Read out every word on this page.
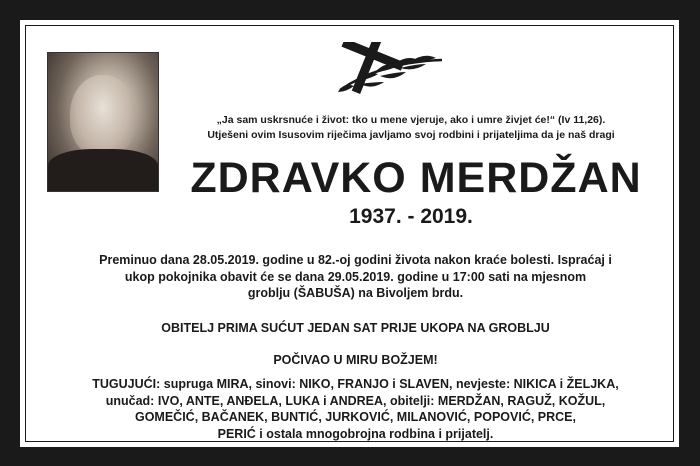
„Ja sam uskrsnuće i život: tko u mene vjeruje, ako i umre živjet će!“ (Iv 11,26).
Utješeni ovim Isusovim riječima javljamo svoj rodbini i prijateljima da je naš dragi
ZDRAVKO MERDŽAN
1937. - 2019.
Preminuo dana 28.05.2019. godine u 82.-oj godini života nakon kraće bolesti. Ispraćaj i
ukop pokojnika obavit će se dana 29.05.2019. godine u 17:00 sati na mjesnom
groblju (ŠABUŠA) na Bivoljem brdu.
OBITELJ PRIMA SUĆUT JEDAN SAT PRIJE UKOPA NA GROBLJU
POČIVAO U MIRU BOŽJEM!
TUGUJUĆI: supruga MIRA, sinovi: NIKO, FRANJO i SLAVEN, nevjeste: NIKICA i ŽELJKA,
unučad: IVO, ANTE, ANĐELA, LUKA i ANDREA, obitelji: MERDŽAN, RAGUŽ, KOŽUL,
GOMEČIĆ, BAČANEK, BUNTIĆ, JURKOVIĆ, MILANOVIĆ, POPOVIĆ, PRCE,
PERIĆ i ostala mnogobrojna rodbina i prijatelj.
